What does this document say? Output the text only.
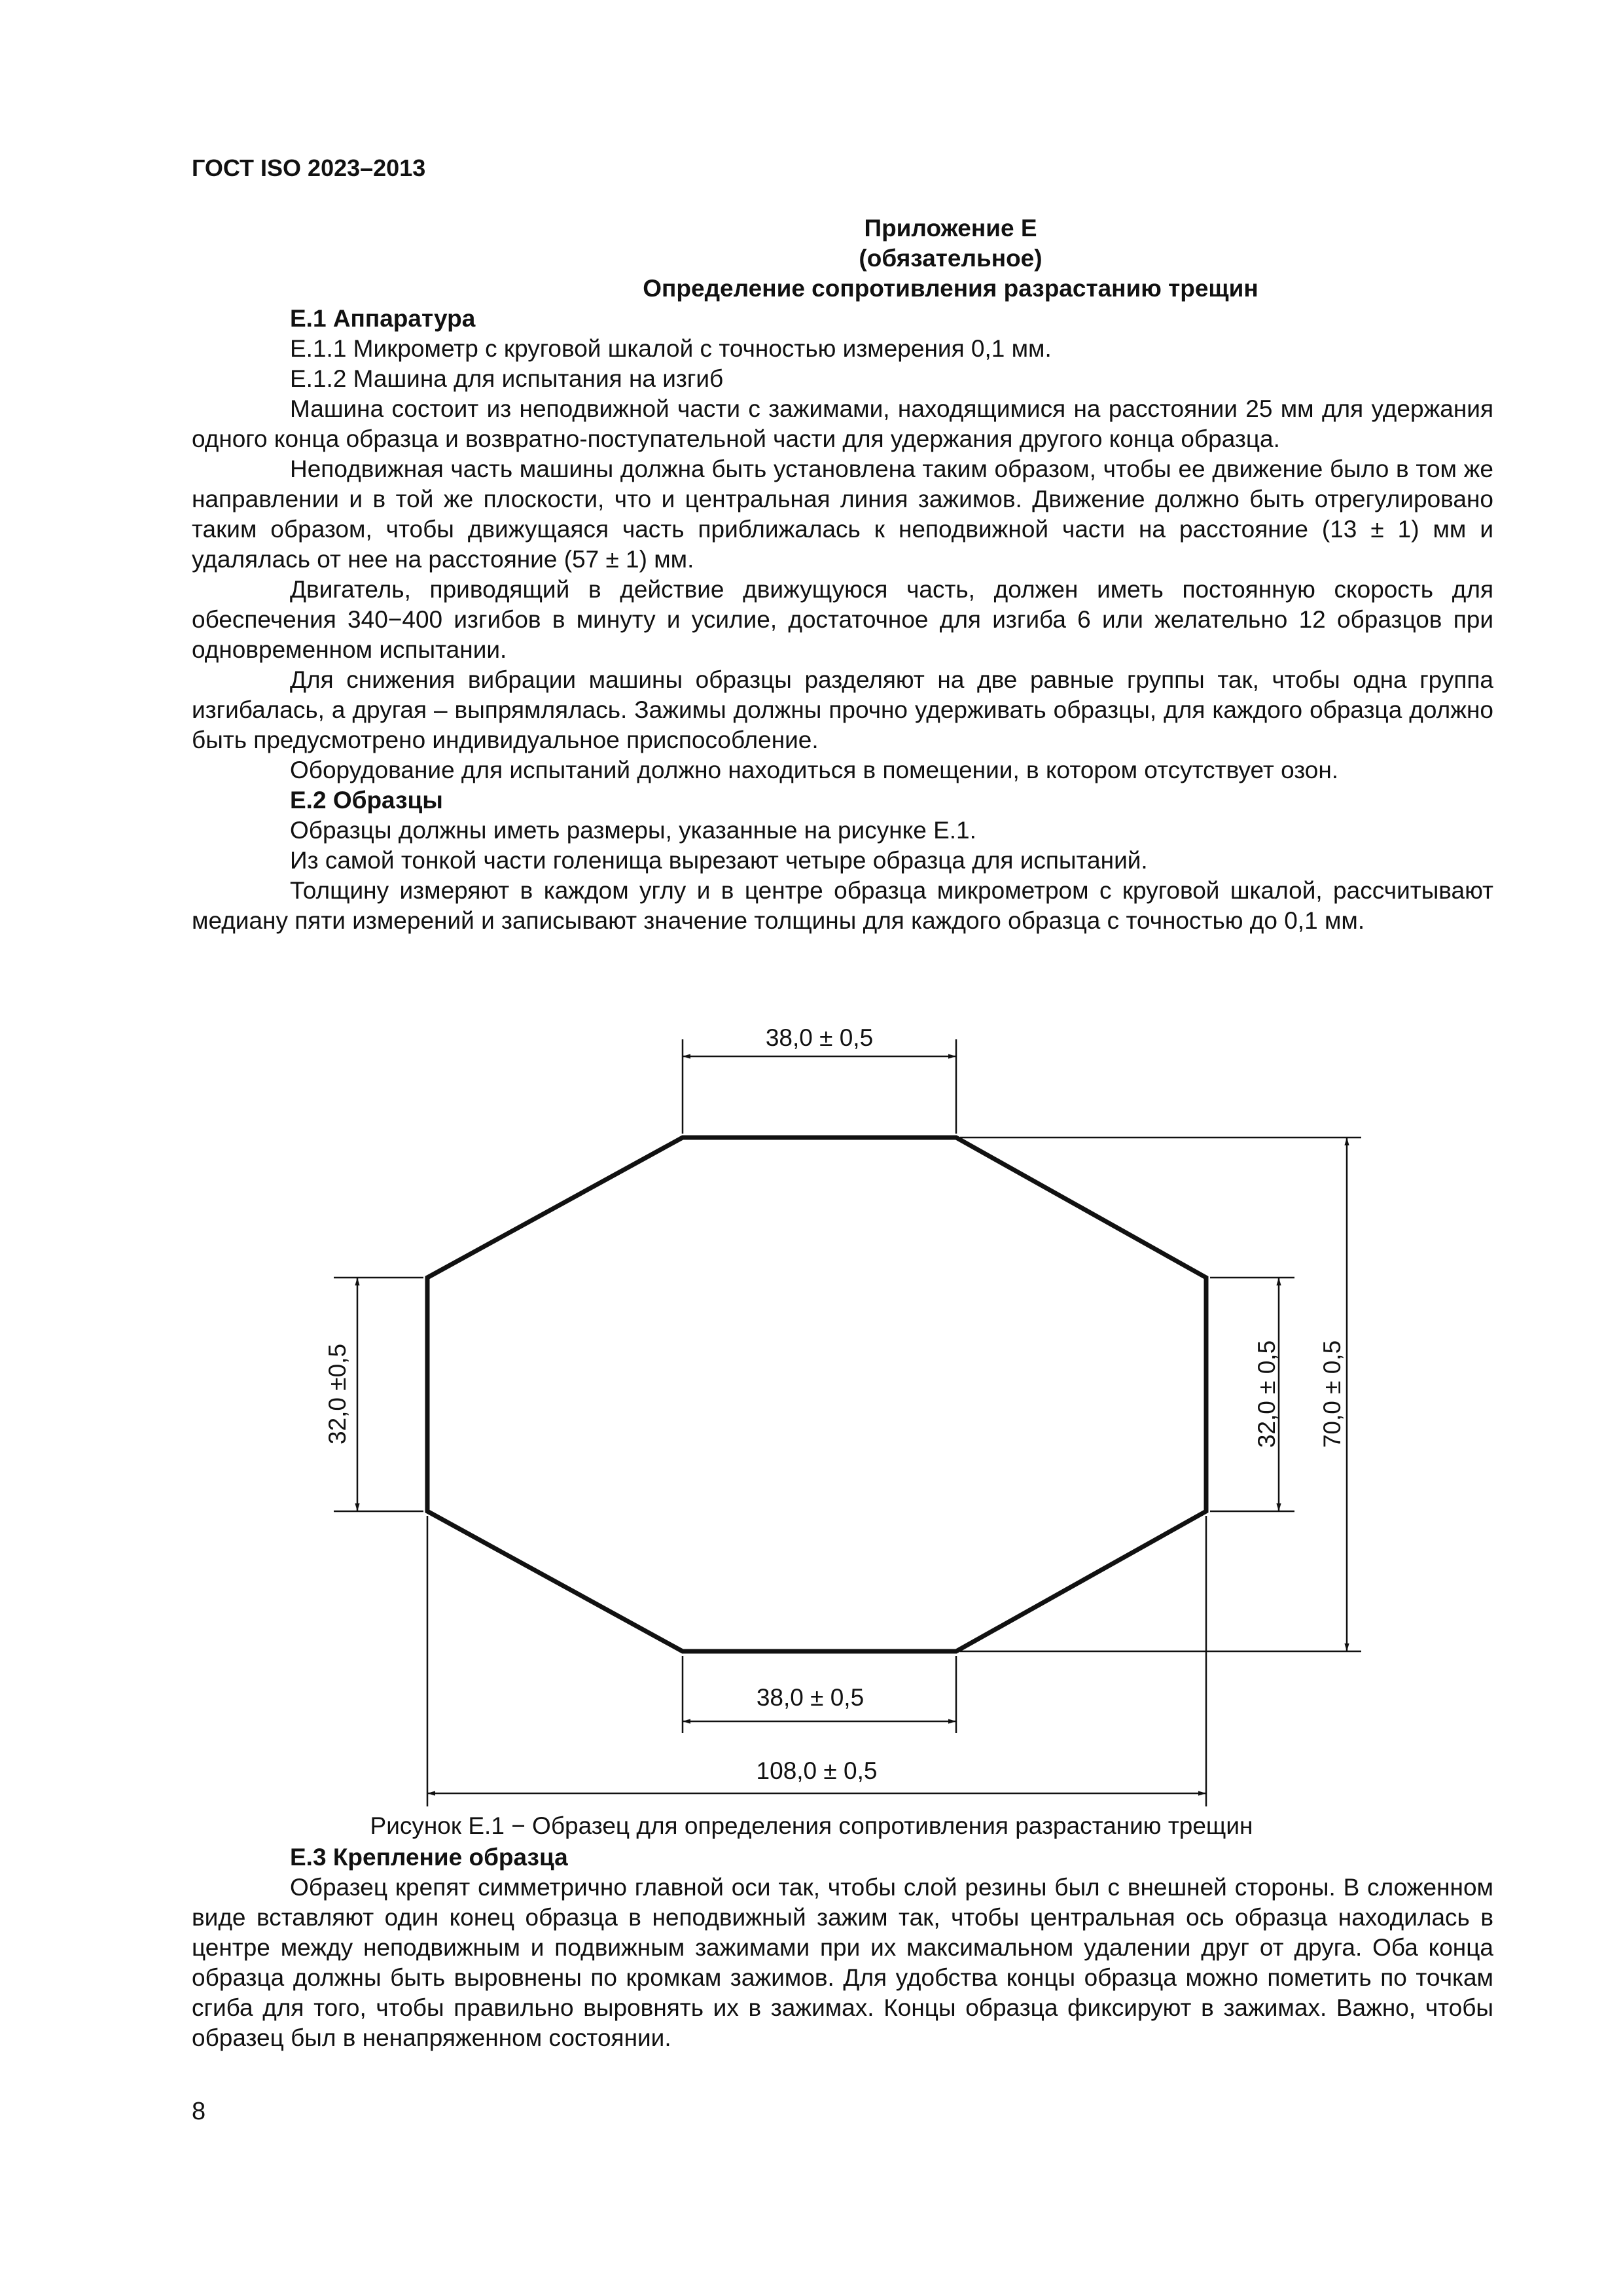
ГОСТ ISO 2023–2013
Приложение Е
(обязательное)
Определение сопротивления разрастанию трещин
Е.1 Аппаратура
Е.1.1 Микрометр с круговой шкалой с точностью измерения 0,1 мм.
Е.1.2 Машина для испытания на изгиб
Машина состоит из неподвижной части с зажимами, находящимися на расстоянии 25 мм для удержания одного конца образца и возвратно-поступательной части для удержания другого конца образца.
Неподвижная часть машины должна быть установлена таким образом, чтобы ее движение было в том же направлении и в той же плоскости, что и центральная линия зажимов. Движение должно быть отрегулировано таким образом, чтобы движущаяся часть приближалась к неподвижной части на расстояние (13 ± 1) мм и удалялась от нее на расстояние (57 ± 1) мм.
Двигатель, приводящий в действие движущуюся часть, должен иметь постоянную скорость для обеспечения 340−400 изгибов в минуту и усилие, достаточное для изгиба 6 или желательно 12 образцов при одновременном испытании.
Для снижения вибрации машины образцы разделяют на две равные группы так, чтобы одна группа изгибалась, а другая – выпрямлялась. Зажимы должны прочно удерживать образцы, для каждого образца должно быть предусмотрено индивидуальное приспособление.
Оборудование для испытаний должно находиться в помещении, в котором отсутствует озон.
Е.2 Образцы
Образцы должны иметь размеры, указанные на рисунке Е.1.
Из самой тонкой части голенища вырезают четыре образца для испытаний.
Толщину измеряют в каждом углу и в центре образца микрометром с круговой шкалой, рассчитывают медиану пяти измерений и записывают значение толщины для каждого образца с точностью до 0,1 мм.
38,0 ± 0,5
38,0 ± 0,5
108,0 ± 0,5
32,0 ±0,5	32,0 ± 0,5 70,0 ± 0,5
Рисунок Е.1 − Образец для определения сопротивления разрастанию трещин
Е.3 Крепление образца
Образец крепят симметрично главной оси так, чтобы слой резины был с внешней стороны. В сложенном виде вставляют один конец образца в неподвижный зажим так, чтобы центральная ось образца находилась в центре между неподвижным и подвижным зажимами при их максимальном удалении друг от друга. Оба конца образца должны быть выровнены по кромкам зажимов. Для удобства концы образца можно пометить по точкам сгиба для того, чтобы правильно выровнять их в зажимах. Концы образца фиксируют в зажимах. Важно, чтобы образец был в ненапряженном состоянии.
8
